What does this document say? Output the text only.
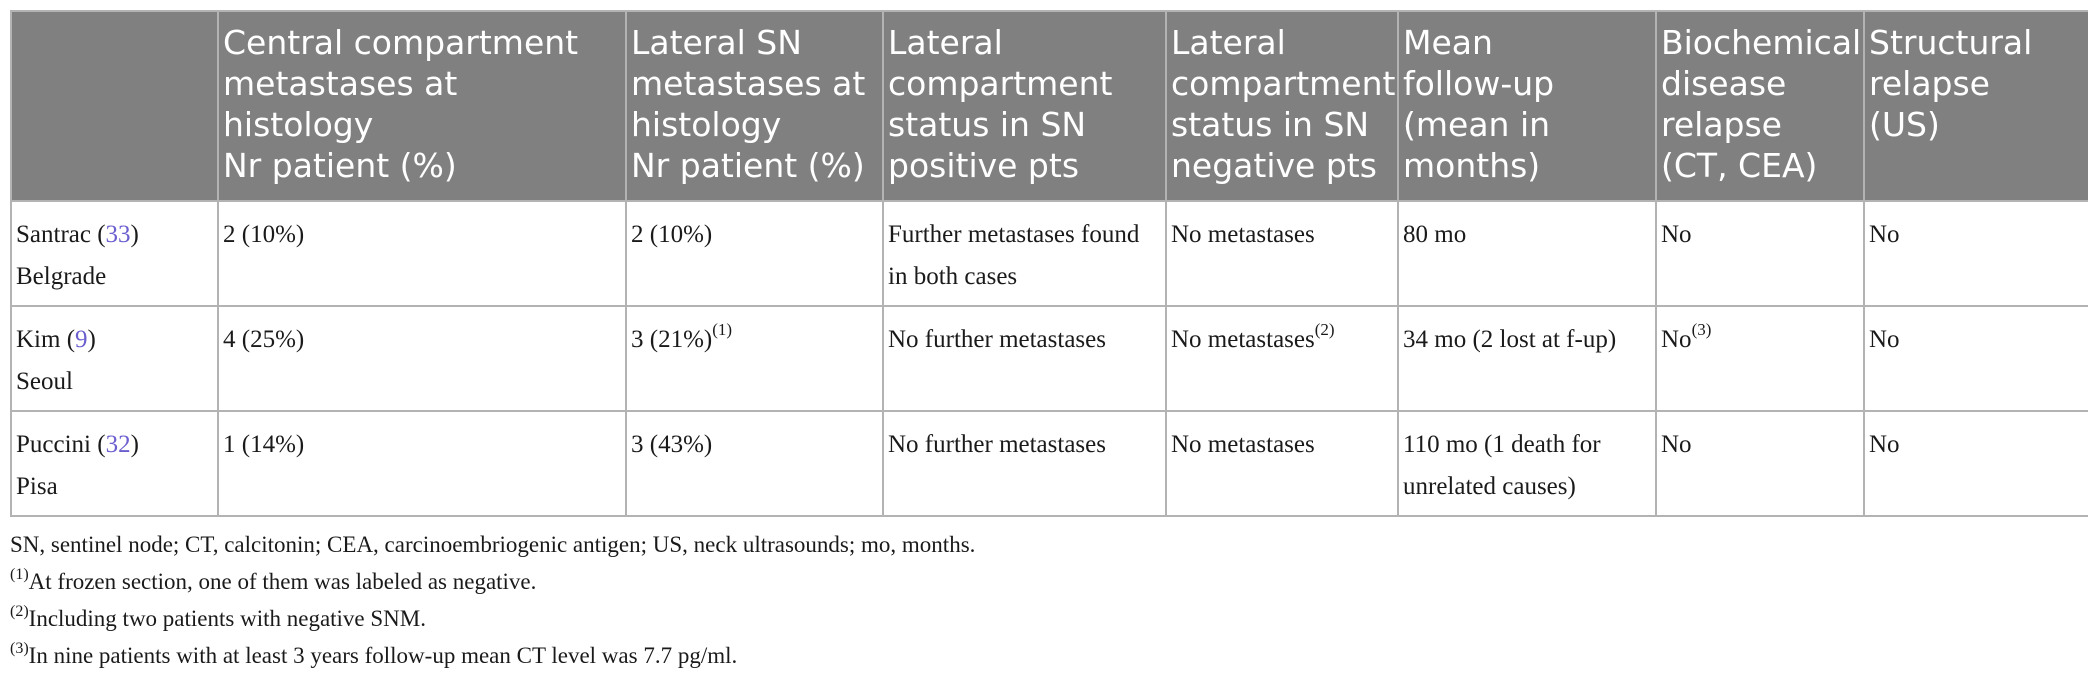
	Central compartment
metastases at
histology
Nr patient (%)	Lateral SN
metastases at
histology
Nr patient (%)	Lateral
compartment
status in SN
positive pts	Lateral
compartment
status in SN
negative pts	Mean
follow-up
(mean in
months)	Biochemical
disease
relapse
(CT, CEA)	Structural
relapse
(US)

Santrac (33)
Belgrade	2 (10%)	2 (10%)	Further metastases found in both cases	No metastases	80 mo	No	No
Kim (9)
Seoul	4 (25%)	3 $(21\%)^{(1)}$	No further metastases	No metastases$^{(2)}$	34 mo (2 lost at f-up)	No$^{(3)}$	No
Puccini (32)
Pisa	1 (14%)	3 (43%)	No further metastases	No metastases	110 mo (1 death for unrelated causes)	No	No
SN, sentinel node; CT, calcitonin; CEA, carcinoembriogenic antigen; US, neck ultrasounds; mo, months.
$^{(1)}$At frozen section, one of them was labeled as negative.
$^{(2)}$Including two patients with negative SNM.
$^{(3)}$In nine patients with at least 3 years follow-up mean CT level was 7.7 pg/ml.
